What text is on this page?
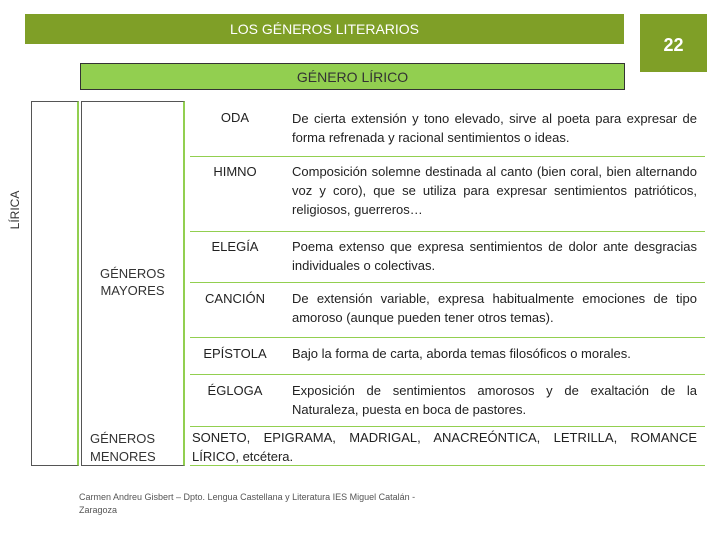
LOS GÉNEROS LITERARIOS
22
GÉNERO LÍRICO
LÍRICA
GÉNEROS MAYORES
GÉNEROS MENORES
ODA	De cierta extensión y tono elevado, sirve al poeta para expresar de forma refrenada y racional sentimientos o ideas.
HIMNO	Composición solemne destinada al canto (bien coral, bien alternando voz y coro), que se utiliza para expresar sentimientos patrióticos, religiosos, guerreros…
ELEGÍA	Poema extenso que expresa sentimientos de dolor ante desgracias individuales o colectivas.
CANCIÓN	De extensión variable, expresa habitualmente emociones de tipo amoroso (aunque pueden tener otros temas).
EPÍSTOLA	Bajo la forma de carta, aborda temas filosóficos o morales.
ÉGLOGA	Exposición de sentimientos amorosos y de exaltación de la Naturaleza, puesta en boca de pastores.
SONETO, EPIGRAMA, MADRIGAL, ANACREÓNTICA, LETRILLA, ROMANCE LÍRICO, etcétera.
Carmen Andreu Gisbert – Dpto. Lengua Castellana y Literatura IES Miguel Catalán - Zaragoza
